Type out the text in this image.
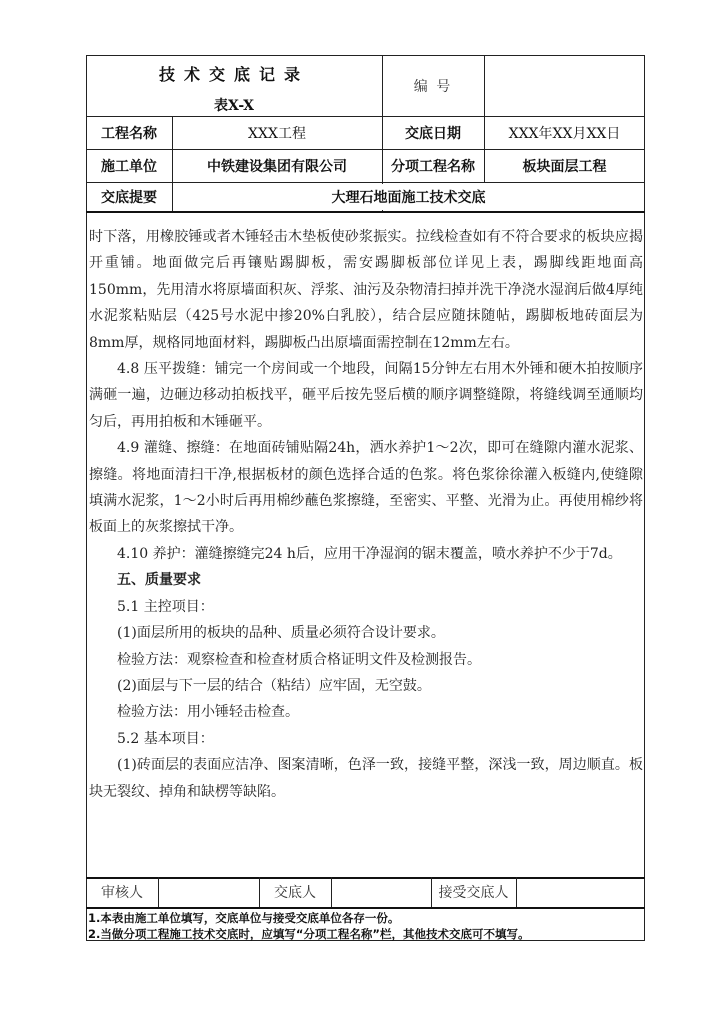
技术交底记录
表X-X
编 号
工程名称	XXX工程	交底日期	XXX年XX月XX日
施工单位	中铁建设集团有限公司	分项工程名称	板块面层工程
交底提要	大理石地面施工技术交底

时下落，用橡胶锤或者木锤轻击木垫板使砂浆振实。拉线检查如有不符合要求的板块应揭开重铺。地面做完后再镶贴踢脚板，需安踢脚板部位详见上表，踢脚线距地面高150mm，先用清水将原墙面积灰、浮浆、油污及杂物清扫掉并洗干净浇水湿润后做4厚纯水泥浆粘贴层（425号水泥中掺20%白乳胶），结合层应随抹随帖，踢脚板地砖面层为8mm厚，规格同地面材料，踢脚板凸出原墙面需控制在12mm左右。

4.8 压平拨缝：铺完一个房间或一个地段，间隔15分钟左右用木外锤和硬木拍按顺序满砸一遍，边砸边移动拍板找平，砸平后按先竖后横的顺序调整缝隙，将缝线调至通顺均匀后，再用拍板和木锤砸平。

4.9 灌缝、擦缝：在地面砖铺贴隔24h，洒水养护1～2次，即可在缝隙内灌水泥浆、擦缝。将地面清扫干净,根据板材的颜色选择合适的色浆。将色浆徐徐灌入板缝内,使缝隙填满水泥浆，1～2小时后再用棉纱蘸色浆擦缝，至密实、平整、光滑为止。再使用棉纱将板面上的灰浆擦拭干净。

4.10 养护：灌缝擦缝完24 h后，应用干净湿润的锯末覆盖，喷水养护不少于7d。

五、质量要求

5.1 主控项目：

(1)面层所用的板块的品种、质量必须符合设计要求。

检验方法：观察检查和检查材质合格证明文件及检测报告。

(2)面层与下一层的结合（粘结）应牢固，无空鼓。

检验方法：用小锤轻击检查。

5.2 基本项目：

(1)砖面层的表面应洁净、图案清晰，色泽一致，接缝平整，深浅一致，周边顺直。板块无裂纹、掉角和缺楞等缺陷。

审核人	交底人	接受交底人
1.本表由施工单位填写，交底单位与接受交底单位各存一份。
2.当做分项工程施工技术交底时，应填写“分项工程名称”栏，其他技术交底可不填写。
